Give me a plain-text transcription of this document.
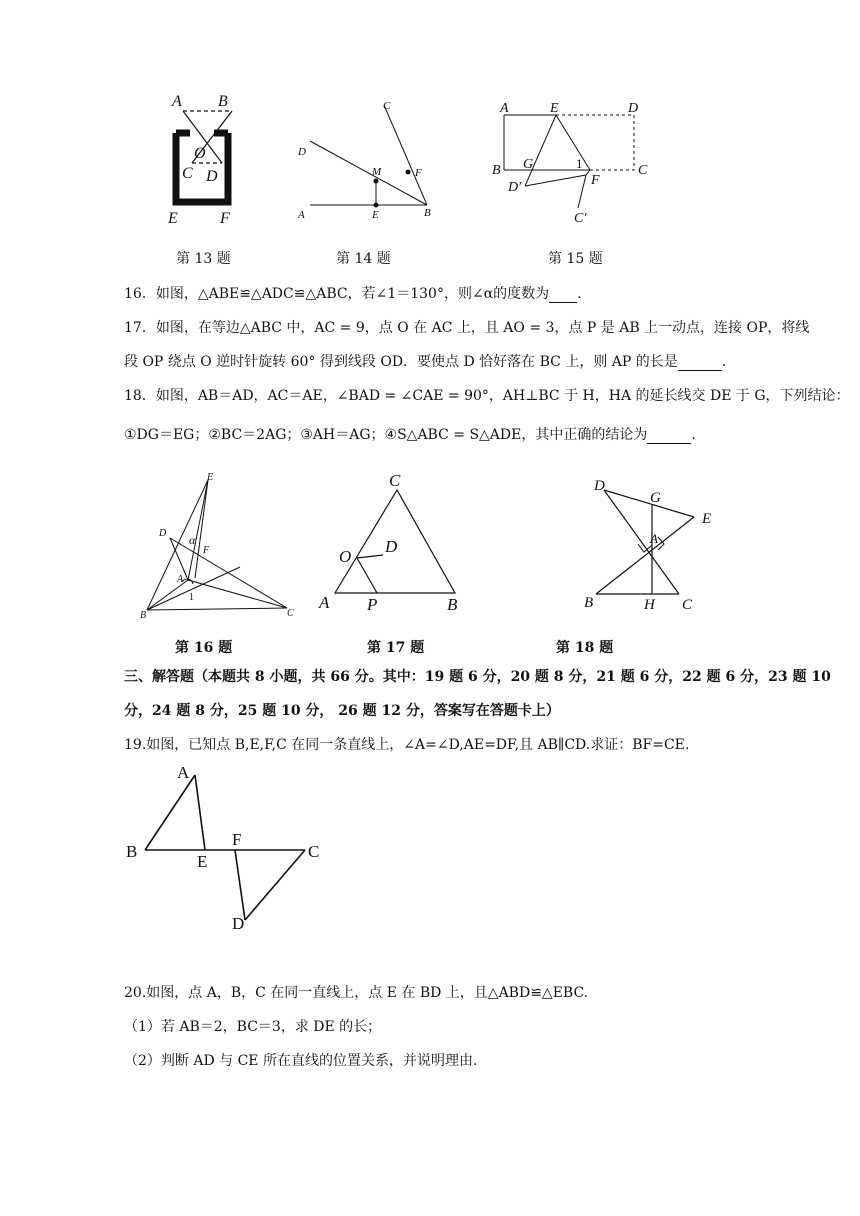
A B
O
C D
E	F
C
D
M	F
A	E	B
A	E	D
B G	1	C
D′	F
C′
第 13 题	第 14 题	第 15 题
16．如图，△ABE≌△ADC≌△ABC，若∠1＝130°，则∠α的度数为 .
17．如图，在等边△ABC 中，AC = 9，点 O 在 AC 上，且 AO = 3，点 P 是 AB 上一动点，连接 OP，将线
段 OP 绕点 O 逆时针旋转 60° 得到线段 OD．要使点 D 恰好落在 BC 上，则 AP 的长是	.
18．如图，AB＝AD，AC＝AE，∠BAD = ∠CAE = 90°，AH⊥BC 于 H，HA 的延长线交 DE 于 G，下列结论：
①DG＝EG；②BC＝2AG；③AH＝AG；④S△ABC = S△ADE，其中正确的结论为	.
E
D α
F
A
1
B	C
C
O
D
A P	B
D
G
E
A
B	H C
第 16 题	第 17 题	第 18 题
三、解答题（本题共 8 小题，共 66 分。其中：19 题 6 分，20 题 8 分，21 题 6 分，22 题 6 分，23 题 10
分，24 题 8 分，25 题 10 分， 26 题 12 分，答案写在答题卡上）
19.如图，已知点 B,E,F,C 在同一条直线上，∠A=∠D,AE=DF,且 AB∥CD.求证：BF=CE.
A
B
E
F
C
D
20.如图，点 A，B，C 在同一直线上，点 E 在 BD 上，且△ABD≌△EBC.
（1）若 AB＝2，BC＝3，求 DE 的长；
（2）判断 AD 与 CE 所在直线的位置关系，并说明理由.
